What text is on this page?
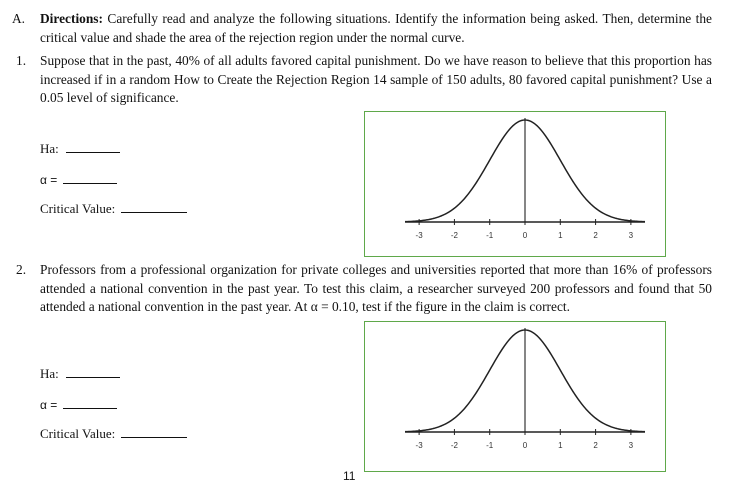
A.	Directions: Carefully read and analyze the following situations. Identify the information being asked. Then, determine the critical value and shade the area of the rejection region under the normal curve.
1.	Suppose that in the past, 40% of all adults favored capital punishment. Do we have reason to believe that this proportion has increased if in a random How to Create the Rejection Region 14 sample of 150 adults, 80 favored capital punishment? Use a 0.05 level of significance.
Ha:
α =
Critical Value:
-3	-2	-1	0	1	2	3
2.	Professors from a professional organization for private colleges and universities reported that more than 16% of professors attended a national convention in the past year. To test this claim, a researcher surveyed 200 professors and found that 50 attended a national convention in the past year. At α = 0.10, test if the figure in the claim is correct.
Ha:
α =
Critical Value:
-3	-2	-1	0	1	2	3
11
